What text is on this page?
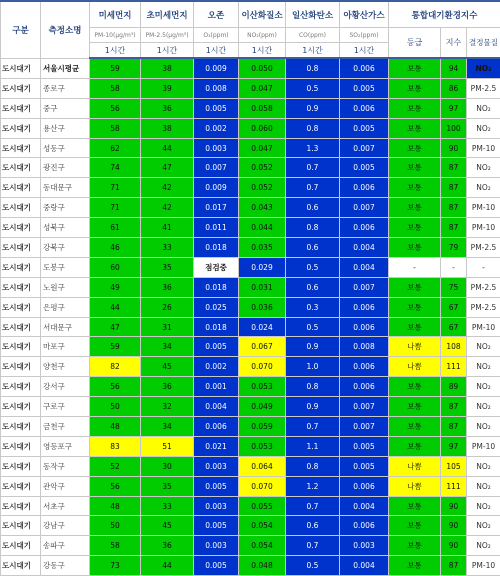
구분	측정소명	미세먼지	초미세먼지	오존	이산화질소	일산화탄소	아황산가스	통합대기환경지수		
		PM-10(μg/m³)	PM-2.5(μg/m³)	O₃(ppm)	NO₂(ppm)	CO(ppm)	SO₂(ppm)	등급	지수	결정물질
		1시간	1시간	1시간	1시간	1시간	1시간			
도시대기	서울시평균	59	38	0.009	0.050	0.8	0.006	보통	94	NO₂
도시대기	종로구	58	39	0.008	0.047	0.5	0.005	보통	86	PM-2.5
도시대기	중구	56	36	0.005	0.058	0.9	0.006	보통	97	NO₂
도시대기	용산구	58	38	0.002	0.060	0.8	0.005	보통	100	NO₂
도시대기	성동구	62	44	0.003	0.047	1.3	0.007	보통	90	PM-10
도시대기	광진구	74	47	0.007	0.052	0.7	0.005	보통	87	NO₂
도시대기	동대문구	71	42	0.009	0.052	0.7	0.006	보통	87	NO₂
도시대기	중랑구	71	42	0.017	0.043	0.6	0.007	보통	87	PM-10
도시대기	성북구	61	41	0.011	0.044	0.8	0.006	보통	87	PM-10
도시대기	강북구	46	33	0.018	0.035	0.6	0.004	보통	79	PM-2.5
도시대기	도봉구	60	35	점검중	0.029	0.5	0.004	-	-	-
도시대기	노원구	49	36	0.018	0.031	0.6	0.007	보통	75	PM-2.5
도시대기	은평구	44	26	0.025	0.036	0.3	0.006	보통	67	PM-2.5
도시대기	서대문구	47	31	0.018	0.024	0.5	0.006	보통	67	PM-10
도시대기	마포구	59	34	0.005	0.067	0.9	0.008	나쁨	108	NO₂
도시대기	양천구	82	45	0.002	0.070	1.0	0.006	나쁨	111	NO₂
도시대기	강서구	56	36	0.001	0.053	0.8	0.006	보통	89	NO₂
도시대기	구로구	50	32	0.004	0.049	0.9	0.007	보통	87	NO₂
도시대기	금천구	48	34	0.006	0.059	0.7	0.007	보통	87	NO₂
도시대기	영등포구	83	51	0.021	0.053	1.1	0.005	보통	97	PM-10
도시대기	동작구	52	30	0.003	0.064	0.8	0.005	나쁨	105	NO₂
도시대기	관악구	56	35	0.005	0.070	1.2	0.006	나쁨	111	NO₂
도시대기	서초구	48	33	0.003	0.055	0.7	0.004	보통	90	NO₂
도시대기	강남구	50	45	0.005	0.054	0.6	0.006	보통	90	NO₂
도시대기	송파구	58	36	0.003	0.054	0.7	0.003	보통	90	NO₂
도시대기	강동구	73	44	0.005	0.048	0.5	0.004	보통	87	PM-10
